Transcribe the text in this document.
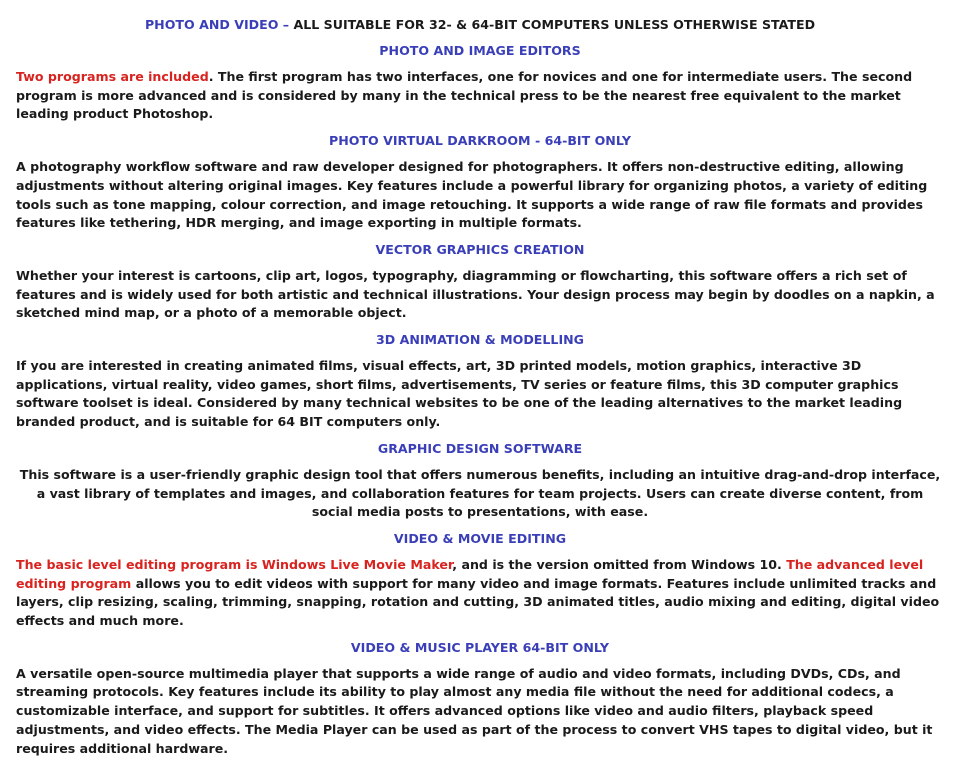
PHOTO AND VIDEO – ALL SUITABLE FOR 32- & 64-BIT COMPUTERS UNLESS OTHERWISE STATED
PHOTO AND IMAGE EDITORS
Two programs are included. The first program has two interfaces, one for novices and one for intermediate users. The second program is more advanced and is considered by many in the technical press to be the nearest free equivalent to the market leading product Photoshop.
PHOTO VIRTUAL DARKROOM - 64-BIT ONLY
A photography workflow software and raw developer designed for photographers. It offers non-destructive editing, allowing adjustments without altering original images. Key features include a powerful library for organizing photos, a variety of editing tools such as tone mapping, colour correction, and image retouching. It supports a wide range of raw file formats and provides features like tethering, HDR merging, and image exporting in multiple formats.
VECTOR GRAPHICS CREATION
Whether your interest is cartoons, clip art, logos, typography, diagramming or flowcharting, this software offers a rich set of features and is widely used for both artistic and technical illustrations. Your design process may begin by doodles on a napkin, a sketched mind map, or a photo of a memorable object.
3D ANIMATION & MODELLING
If you are interested in creating animated films, visual effects, art, 3D printed models, motion graphics, interactive 3D applications, virtual reality, video games, short films, advertisements, TV series or feature films, this 3D computer graphics software toolset is ideal. Considered by many technical websites to be one of the leading alternatives to the market leading branded product, and is suitable for 64 BIT computers only.
GRAPHIC DESIGN SOFTWARE
This software is a user-friendly graphic design tool that offers numerous benefits, including an intuitive drag-and-drop interface, a vast library of templates and images, and collaboration features for team projects. Users can create diverse content, from social media posts to presentations, with ease.
VIDEO & MOVIE EDITING
The basic level editing program is Windows Live Movie Maker, and is the version omitted from Windows 10. The advanced level editing program allows you to edit videos with support for many video and image formats. Features include unlimited tracks and layers, clip resizing, scaling, trimming, snapping, rotation and cutting, 3D animated titles, audio mixing and editing, digital video effects and much more.
VIDEO & MUSIC PLAYER 64-BIT ONLY
A versatile open-source multimedia player that supports a wide range of audio and video formats, including DVDs, CDs, and streaming protocols. Key features include its ability to play almost any media file without the need for additional codecs, a customizable interface, and support for subtitles. It offers advanced options like video and audio filters, playback speed adjustments, and video effects. The Media Player can be used as part of the process to convert VHS tapes to digital video, but it requires additional hardware.
